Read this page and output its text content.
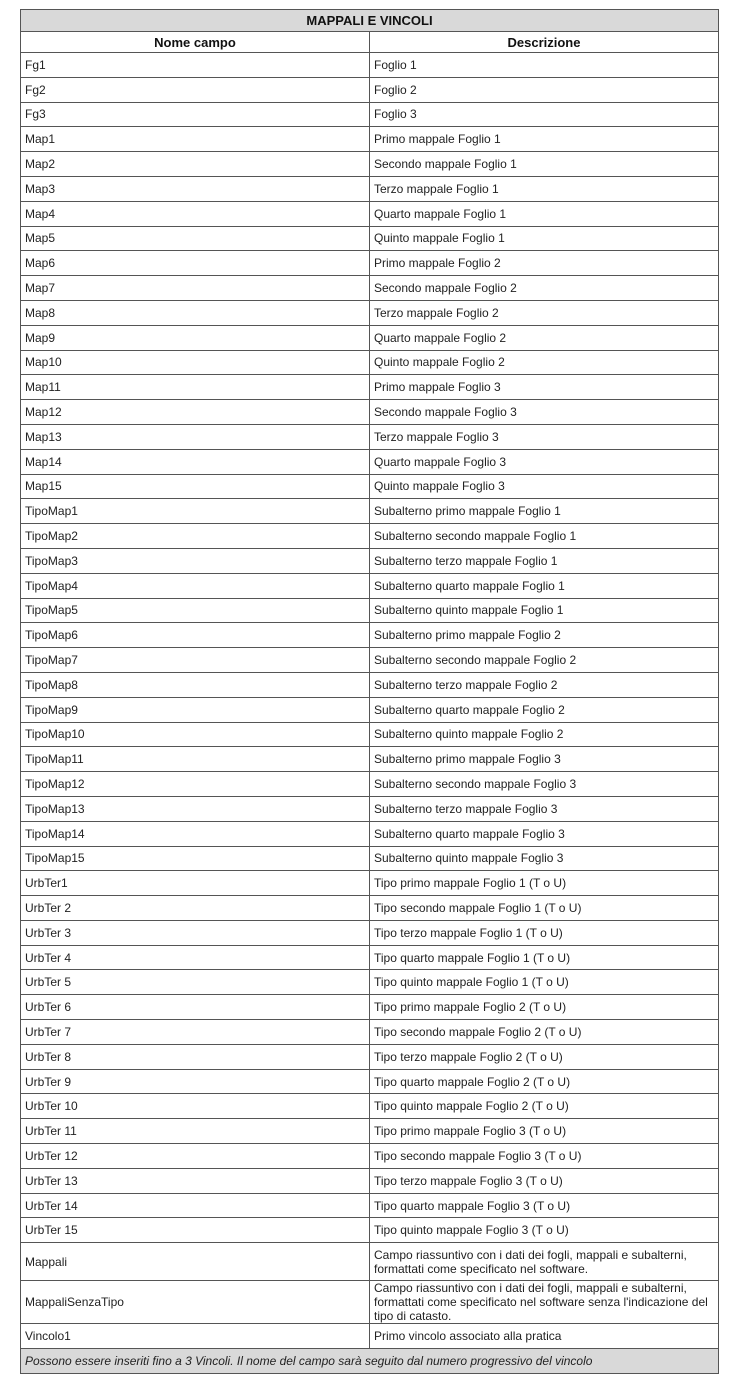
MAPPALI E VINCOLI	
Nome campo	Descrizione
Fg1	Foglio 1
Fg2	Foglio 2
Fg3	Foglio 3
Map1	Primo mappale Foglio 1
Map2	Secondo mappale Foglio 1
Map3	Terzo mappale Foglio 1
Map4	Quarto mappale Foglio 1
Map5	Quinto mappale Foglio 1
Map6	Primo mappale Foglio 2
Map7	Secondo mappale Foglio 2
Map8	Terzo mappale Foglio 2
Map9	Quarto mappale Foglio 2
Map10	Quinto mappale Foglio 2
Map11	Primo mappale Foglio 3
Map12	Secondo mappale Foglio 3
Map13	Terzo mappale Foglio 3
Map14	Quarto mappale Foglio 3
Map15	Quinto mappale Foglio 3
TipoMap1	Subalterno primo mappale Foglio 1
TipoMap2	Subalterno secondo mappale Foglio 1
TipoMap3	Subalterno terzo mappale Foglio 1
TipoMap4	Subalterno quarto mappale Foglio 1
TipoMap5	Subalterno quinto mappale Foglio 1
TipoMap6	Subalterno primo mappale Foglio 2
TipoMap7	Subalterno secondo mappale Foglio 2
TipoMap8	Subalterno terzo mappale Foglio 2
TipoMap9	Subalterno quarto mappale Foglio 2
TipoMap10	Subalterno quinto mappale Foglio 2
TipoMap11	Subalterno primo mappale Foglio 3
TipoMap12	Subalterno secondo mappale Foglio 3
TipoMap13	Subalterno terzo mappale Foglio 3
TipoMap14	Subalterno quarto mappale Foglio 3
TipoMap15	Subalterno quinto mappale Foglio 3
UrbTer1	Tipo primo mappale Foglio 1 (T o U)
UrbTer 2	Tipo secondo mappale Foglio 1 (T o U)
UrbTer 3	Tipo terzo mappale Foglio 1 (T o U)
UrbTer 4	Tipo quarto mappale Foglio 1 (T o U)
UrbTer 5	Tipo quinto mappale Foglio 1 (T o U)
UrbTer 6	Tipo primo mappale Foglio 2 (T o U)
UrbTer 7	Tipo secondo mappale Foglio 2 (T o U)
UrbTer 8	Tipo terzo mappale Foglio 2 (T o U)
UrbTer 9	Tipo quarto mappale Foglio 2 (T o U)
UrbTer 10	Tipo quinto mappale Foglio 2 (T o U)
UrbTer 11	Tipo primo mappale Foglio 3 (T o U)
UrbTer 12	Tipo secondo mappale Foglio 3 (T o U)
UrbTer 13	Tipo terzo mappale Foglio 3 (T o U)
UrbTer 14	Tipo quarto mappale Foglio 3 (T o U)
UrbTer 15	Tipo quinto mappale Foglio 3 (T o U)
Mappali	Campo riassuntivo con i dati dei fogli, mappali e subalterni, formattati come specificato nel software.
MappaliSenzaTipo	Campo riassuntivo con i dati dei fogli, mappali e subalterni, formattati come specificato nel software senza l'indicazione del tipo di catasto.
Vincolo1	Primo vincolo associato alla pratica
Possono essere inseriti fino a 3 Vincoli. Il nome del campo sarà seguito dal numero progressivo del vincolo	
